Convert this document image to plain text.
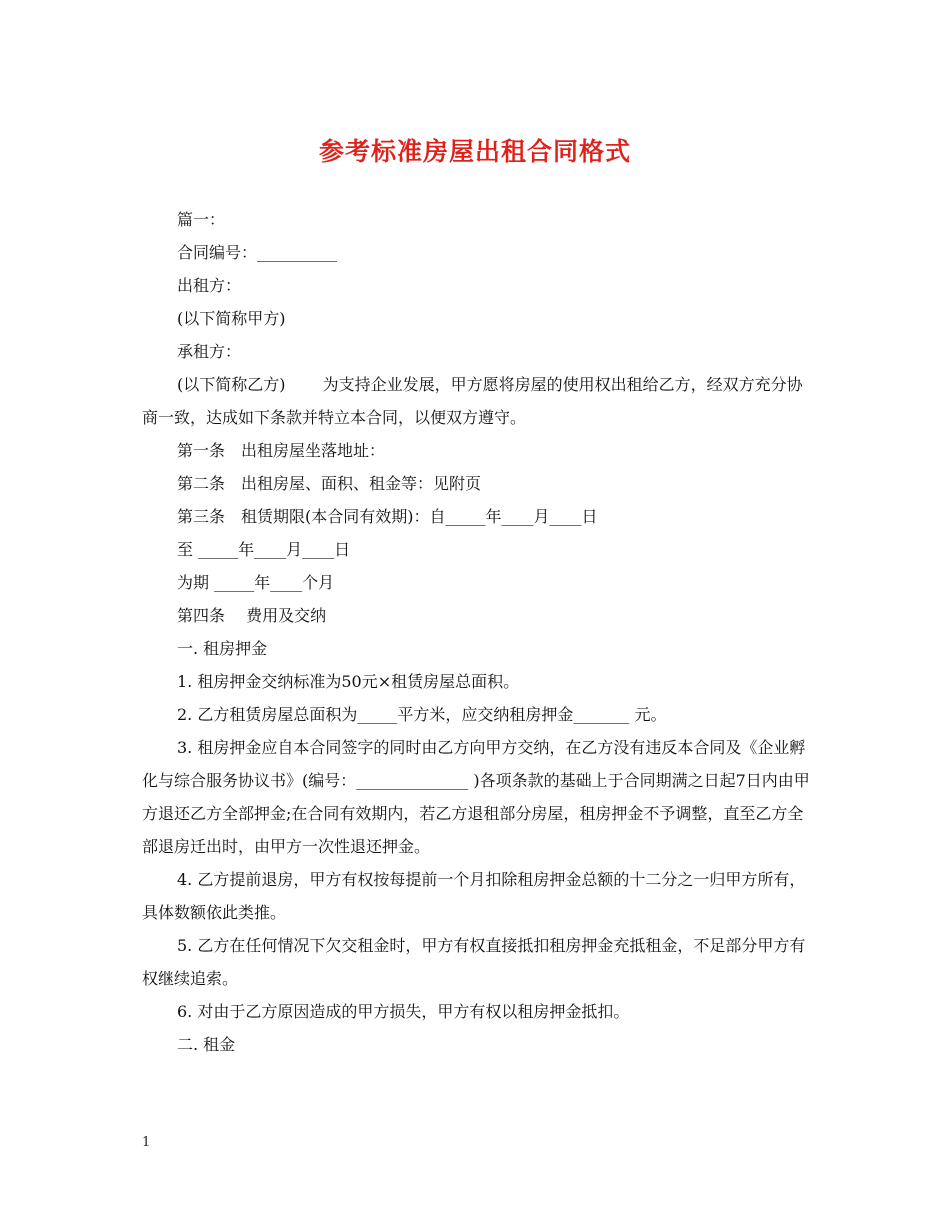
参考标准房屋出租合同格式

篇一：

合同编号：__________

出租方：

(以下简称甲方)

承租方：

(以下简称乙方)　　 为支持企业发展，甲方愿将房屋的使用权出租给乙方，经双方充分协商一致，达成如下条款并特立本合同，以便双方遵守。

第一条　出租房屋坐落地址：

第二条　出租房屋、面积、租金等：见附页

第三条　租赁期限(本合同有效期)：自_____年____月____日

至 _____年____月____日

为期 _____年____个月

第四条　 费用及交纳

一. 租房押金

1. 租房押金交纳标准为50元×租赁房屋总面积。

2. 乙方租赁房屋总面积为_____平方米，应交纳租房押金_______ 元。

3. 租房押金应自本合同签字的同时由乙方向甲方交纳，在乙方没有违反本合同及《企业孵化与综合服务协议书》(编号：______________ )各项条款的基础上于合同期满之日起7日内由甲方退还乙方全部押金;在合同有效期内，若乙方退租部分房屋，租房押金不予调整，直至乙方全部退房迁出时，由甲方一次性退还押金。

4. 乙方提前退房，甲方有权按每提前一个月扣除租房押金总额的十二分之一归甲方所有，具体数额依此类推。

5. 乙方在任何情况下欠交租金时，甲方有权直接抵扣租房押金充抵租金，不足部分甲方有权继续追索。

6. 对由于乙方原因造成的甲方损失，甲方有权以租房押金抵扣。

二. 租金

1
